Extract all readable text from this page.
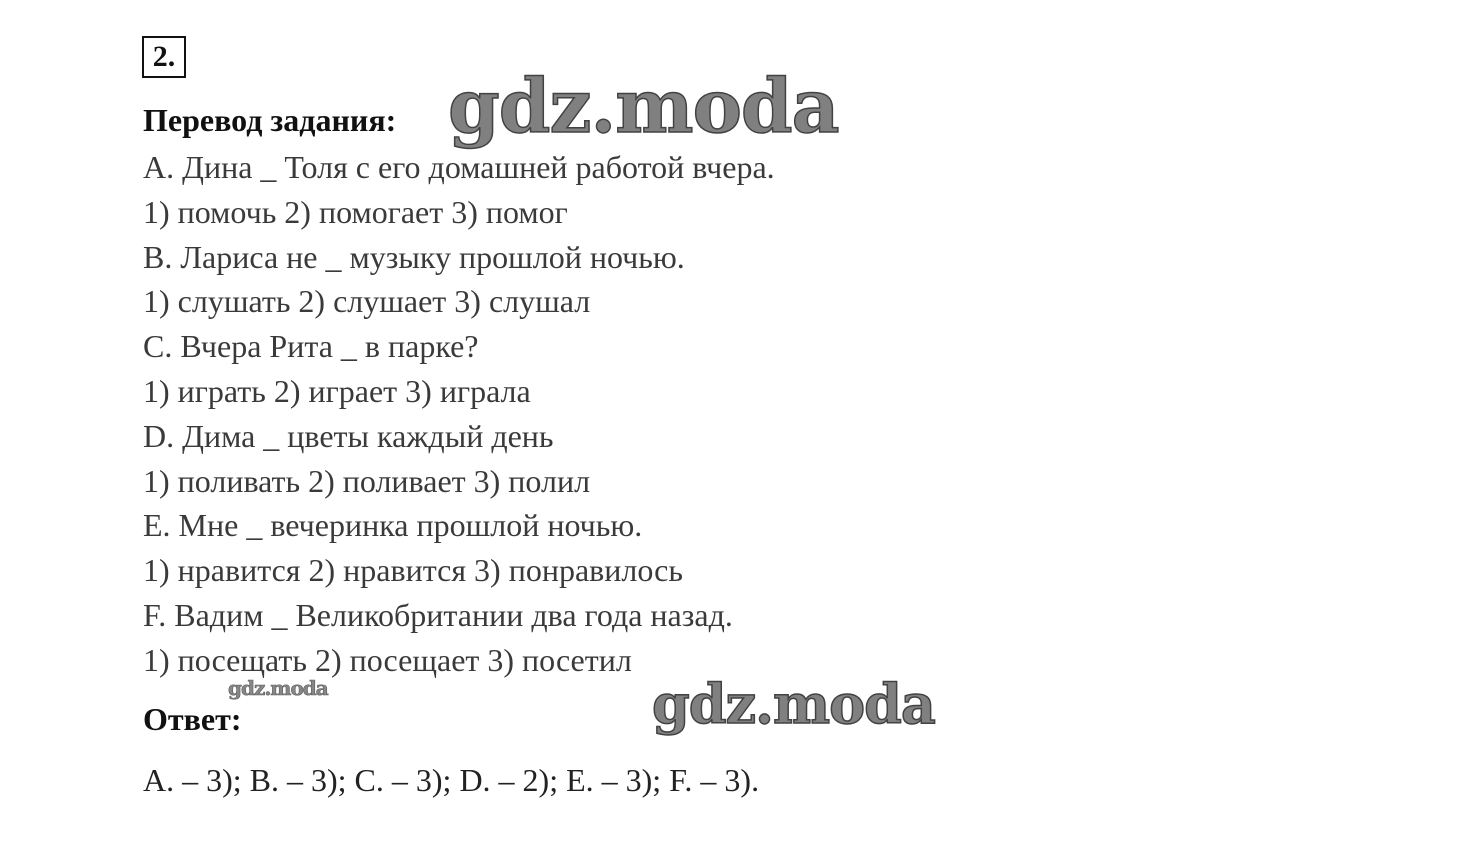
2.

Перевод задания: gdz.moda
A. Дина _ Толя с его домашней работой вчера.
1) помочь 2) помогает 3) помог
B. Лариса не _ музыку прошлой ночью.
1) слушать 2) слушает 3) слушал
C. Вчера Рита _ в парке?
1) играть 2) играет 3) играла
D. Дима _ цветы каждый день
1) поливать 2) поливает 3) полил
E. Мне _ вечеринка прошлой ночью.
1) нравится 2) нравится 3) понравилось
F. Вадим _ Великобритании два года назад.
1) посещать 2) посещает 3) посетил
gdz.moda
Ответ:	gdz.moda
A. – 3); B. – 3); C. – 3); D. – 2); E. – 3); F. – 3).
